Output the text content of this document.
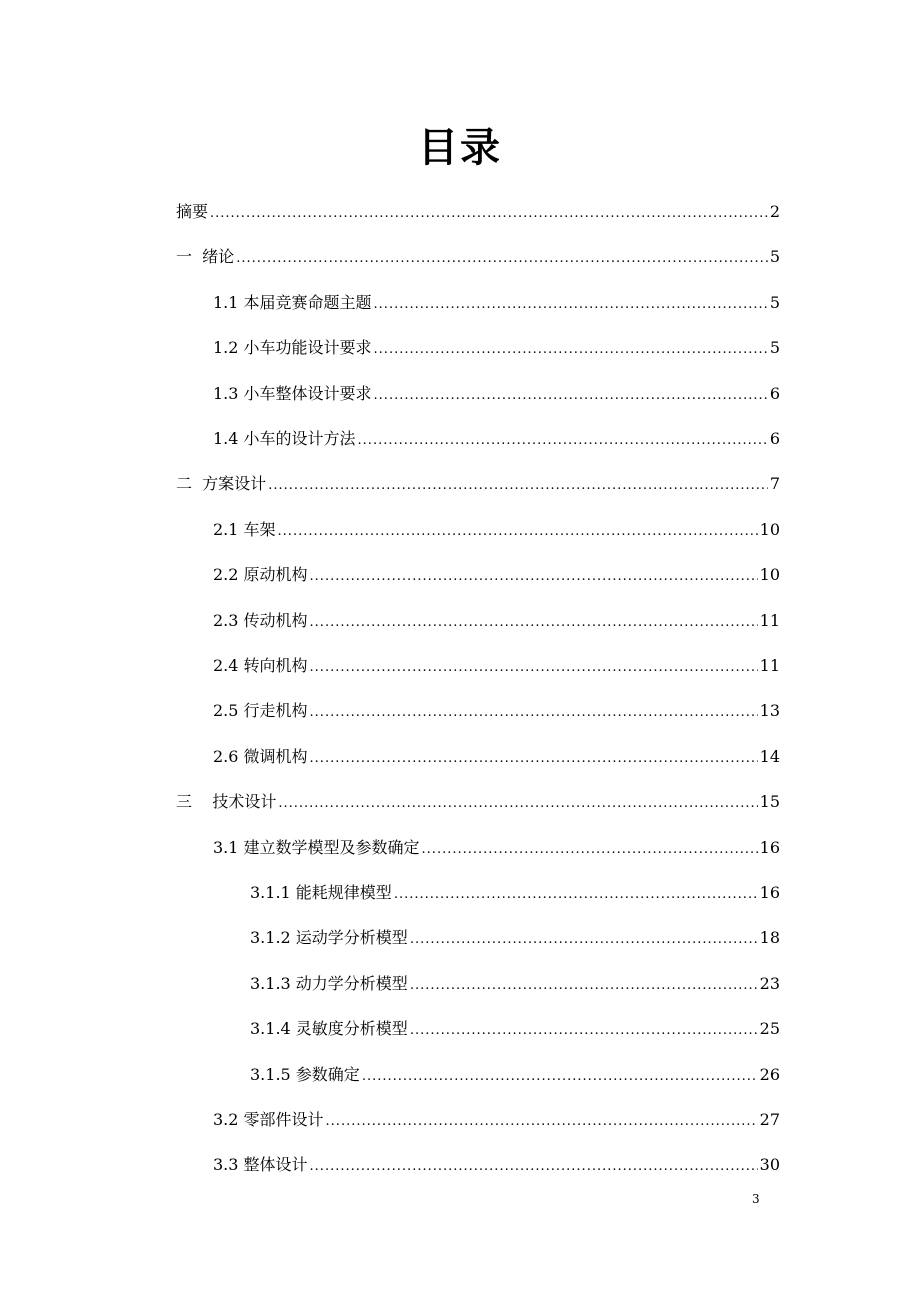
目录
摘要 .....	2
一  绪论 .....	5
1.1 本届竞赛命题主题 .....	5
1.2 小车功能设计要求 .....	5
1.3 小车整体设计要求 .....	6
1.4 小车的设计方法 .....	6
二  方案设计 .....	7
2.1 车架 .....	10
2.2 原动机构 .....	10
2.3 传动机构 .....	11
2.4 转向机构 .....	11
2.5 行走机构 .....	13
2.6 微调机构 .....	14
三    技术设计 .....	15
3.1 建立数学模型及参数确定 .....	16
3.1.1 能耗规律模型 .....	16
3.1.2 运动学分析模型 .....	18
3.1.3 动力学分析模型 .....	23
3.1.4 灵敏度分析模型 .....	25
3.1.5 参数确定 .....	26
3.2 零部件设计 .....	27
3.3 整体设计 .....	30
3
